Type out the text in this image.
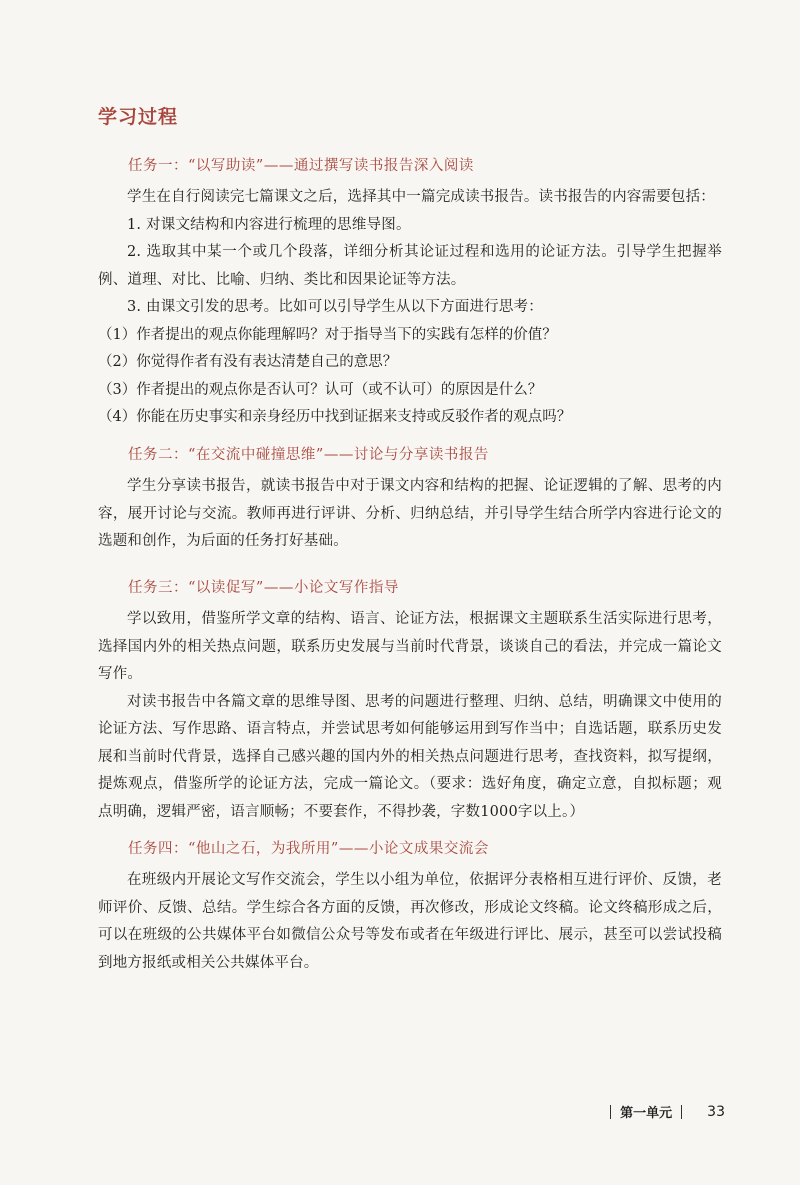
学习过程

任务一：“以写助读”——通过撰写读书报告深入阅读

学生在自行阅读完七篇课文之后，选择其中一篇完成读书报告。读书报告的内容需要包括：

1. 对课文结构和内容进行梳理的思维导图。

2. 选取其中某一个或几个段落，详细分析其论证过程和选用的论证方法。引导学生把握举例、道理、对比、比喻、归纳、类比和因果论证等方法。

3. 由课文引发的思考。比如可以引导学生从以下方面进行思考：

（1）作者提出的观点你能理解吗？对于指导当下的实践有怎样的价值？

（2）你觉得作者有没有表达清楚自己的意思？

（3）作者提出的观点你是否认可？认可（或不认可）的原因是什么？

（4）你能在历史事实和亲身经历中找到证据来支持或反驳作者的观点吗？

任务二：“在交流中碰撞思维”——讨论与分享读书报告

学生分享读书报告，就读书报告中对于课文内容和结构的把握、论证逻辑的了解、思考的内容，展开讨论与交流。教师再进行评讲、分析、归纳总结，并引导学生结合所学内容进行论文的选题和创作，为后面的任务打好基础。

任务三：“以读促写”——小论文写作指导

学以致用，借鉴所学文章的结构、语言、论证方法，根据课文主题联系生活实际进行思考，选择国内外的相关热点问题，联系历史发展与当前时代背景，谈谈自己的看法，并完成一篇论文写作。

对读书报告中各篇文章的思维导图、思考的问题进行整理、归纳、总结，明确课文中使用的论证方法、写作思路、语言特点，并尝试思考如何能够运用到写作当中；自选话题，联系历史发展和当前时代背景，选择自己感兴趣的国内外的相关热点问题进行思考，查找资料，拟写提纲，提炼观点，借鉴所学的论证方法，完成一篇论文。（要求：选好角度，确定立意，自拟标题；观点明确，逻辑严密，语言顺畅；不要套作，不得抄袭，字数1000字以上。）

任务四：“他山之石，为我所用”——小论文成果交流会

在班级内开展论文写作交流会，学生以小组为单位，依据评分表格相互进行评价、反馈，老师评价、反馈、总结。学生综合各方面的反馈，再次修改，形成论文终稿。论文终稿形成之后，可以在班级的公共媒体平台如微信公众号等发布或者在年级进行评比、展示，甚至可以尝试投稿到地方报纸或相关公共媒体平台。

第一单元	33
